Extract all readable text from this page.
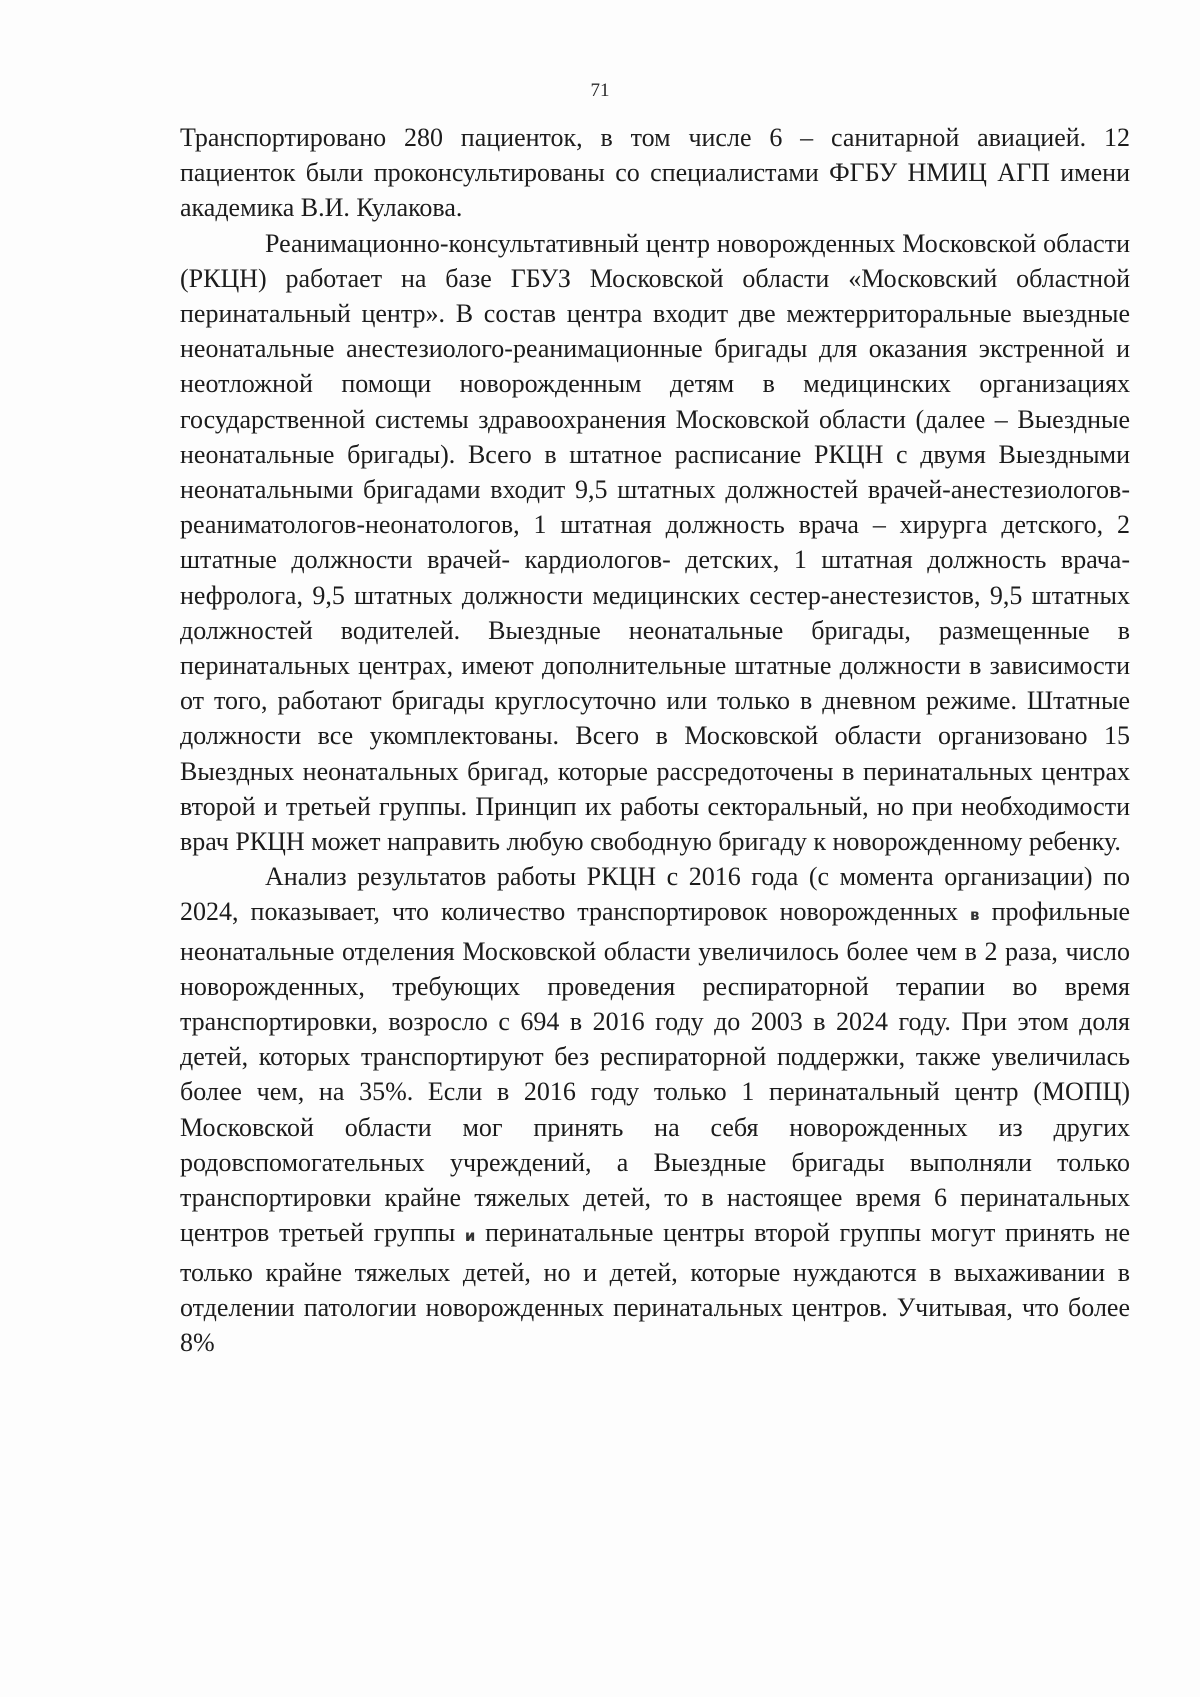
71

Транспортировано 280 пациенток, в том числе 6 – санитарной авиацией. 12 пациенток были проконсультированы со специалистами ФГБУ НМИЦ АГП имени академика В.И. Кулакова.

Реанимационно-консультативный центр новорожденных Московской области (РКЦН) работает на базе ГБУЗ Московской области «Московский областной перинатальный центр». В состав центра входит две межтерриторальные выездные неонатальные анестезиолого-реанимационные бригады для оказания экстренной и неотложной помощи новорожденным детям в медицинских организациях государственной системы здравоохранения Московской области (далее – Выездные неонатальные бригады). Всего в штатное расписание РКЦН с двумя Выездными неонатальными бригадами входит 9,5 штатных должностей врачей-анестезиологов-реаниматологов-неонатологов, 1 штатная должность врача – хирурга детского, 2 штатные должности врачей- кардиологов- детских, 1 штатная должность врача-нефролога, 9,5 штатных должности медицинских сестер-анестезистов, 9,5 штатных должностей водителей. Выездные неонатальные бригады, размещенные в перинатальных центрах, имеют дополнительные штатные должности в зависимости от того, работают бригады круглосуточно или только в дневном режиме. Штатные должности все укомплектованы. Всего в Московской области организовано 15 Выездных неонатальных бригад, которые рассредоточены в перинатальных центрах второй и третьей группы. Принцип их работы секторальный, но при необходимости врач РКЦН может направить любую свободную бригаду к новорожденному ребенку.

Анализ результатов работы РКЦН с 2016 года (с момента организации) по 2024, показывает, что количество транспортировок новорожденных в профильные неонатальные отделения Московской области увеличилось более чем в 2 раза, число новорожденных, требующих проведения респираторной терапии во время транспортировки, возросло с 694 в 2016 году до 2003 в 2024 году. При этом доля детей, которых транспортируют без респираторной поддержки, также увеличилась более чем, на 35%. Если в 2016 году только 1 перинатальный центр (МОПЦ) Московской области мог принять на себя новорожденных из других родовспомогательных учреждений, а Выездные бригады выполняли только транспортировки крайне тяжелых детей, то в настоящее время 6 перинатальных центров третьей группы и перинатальные центры второй группы могут принять не только крайне тяжелых детей, но и детей, которые нуждаются в выхаживании в отделении патологии новорожденных перинатальных центров. Учитывая, что более 8%
